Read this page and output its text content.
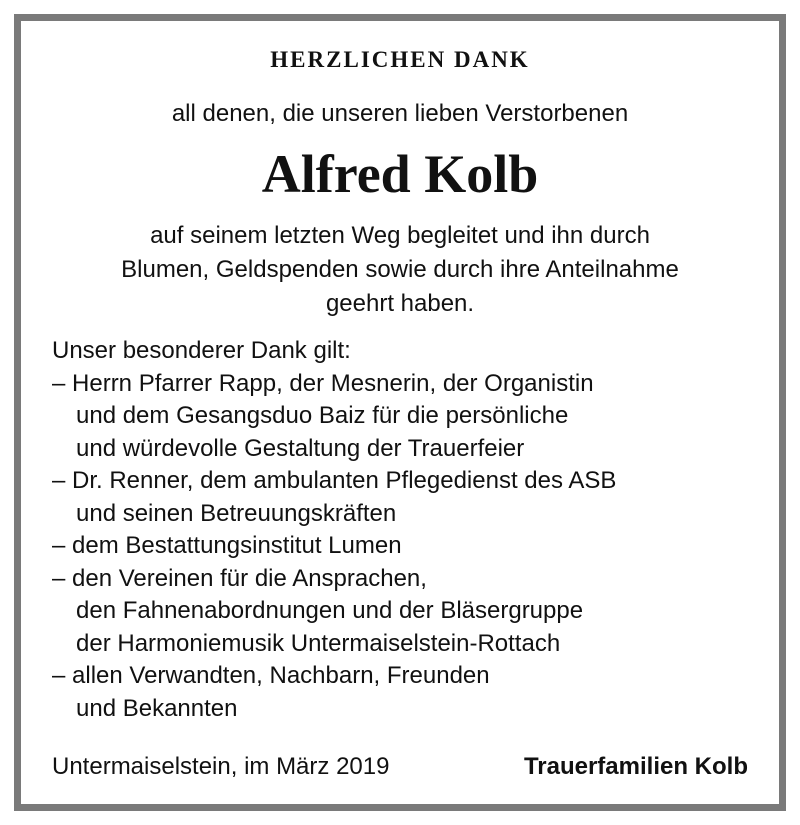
HERZLICHEN DANK
all denen, die unseren lieben Verstorbenen
Alfred Kolb
auf seinem letzten Weg begleitet und ihn durch
Blumen, Geldspenden sowie durch ihre Anteilnahme
geehrt haben.
Unser besonderer Dank gilt:
– Herrn Pfarrer Rapp, der Mesnerin, der Organistin
und dem Gesangsduo Baiz für die persönliche
und würdevolle Gestaltung der Trauerfeier
– Dr. Renner, dem ambulanten Pflegedienst des ASB
und seinen Betreuungskräften
– dem Bestattungsinstitut Lumen
– den Vereinen für die Ansprachen,
den Fahnenabordnungen und der Bläsergruppe
der Harmoniemusik Untermaiselstein-Rottach
– allen Verwandten, Nachbarn, Freunden
und Bekannten
Untermaiselstein, im März 2019	Trauerfamilien Kolb
